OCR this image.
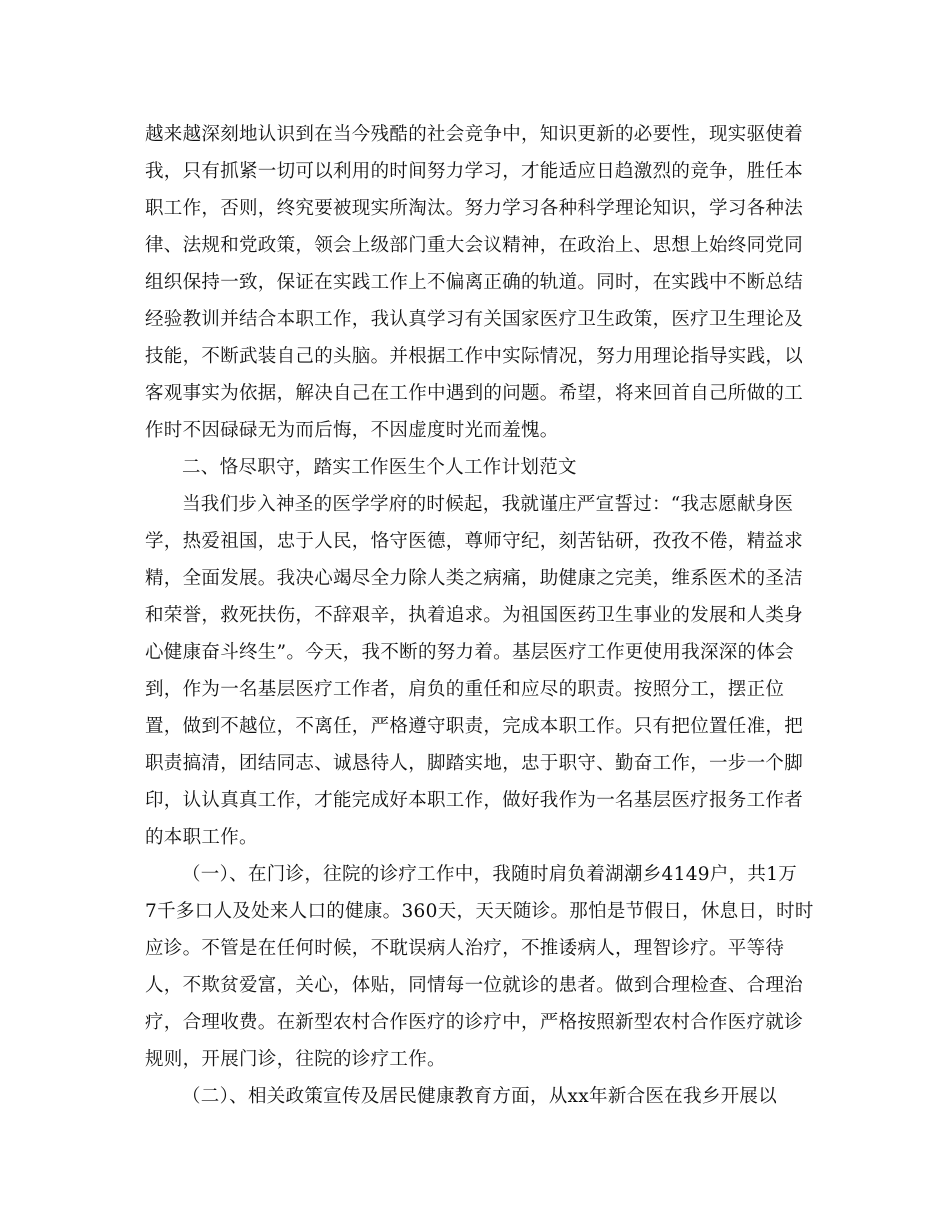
越来越深刻地认识到在当今残酷的社会竞争中，知识更新的必要性，现实驱使着
我，只有抓紧一切可以利用的时间努力学习，才能适应日趋激烈的竞争，胜任本
职工作，否则，终究要被现实所淘汰。努力学习各种科学理论知识，学习各种法
律、法规和党政策，领会上级部门重大会议精神，在政治上、思想上始终同党同
组织保持一致，保证在实践工作上不偏离正确的轨道。同时，在实践中不断总结
经验教训并结合本职工作，我认真学习有关国家医疗卫生政策，医疗卫生理论及
技能，不断武装自己的头脑。并根据工作中实际情况，努力用理论指导实践，以
客观事实为依据，解决自己在工作中遇到的问题。希望，将来回首自己所做的工
作时不因碌碌无为而后悔，不因虚度时光而羞愧。
二、恪尽职守，踏实工作医生个人工作计划范文
当我们步入神圣的医学学府的时候起，我就谨庄严宣誓过：“我志愿献身医
学，热爱祖国，忠于人民，恪守医德，尊师守纪，刻苦钻研，孜孜不倦，精益求
精，全面发展。我决心竭尽全力除人类之病痛，助健康之完美，维系医术的圣洁
和荣誉，救死扶伤，不辞艰辛，执着追求。为祖国医药卫生事业的发展和人类身
心健康奋斗终生”。今天，我不断的努力着。基层医疗工作更使用我深深的体会
到，作为一名基层医疗工作者，肩负的重任和应尽的职责。按照分工，摆正位
置，做到不越位，不离任，严格遵守职责，完成本职工作。只有把位置任准，把
职责搞清，团结同志、诚恳待人，脚踏实地，忠于职守、勤奋工作，一步一个脚
印，认认真真工作，才能完成好本职工作，做好我作为一名基层医疗报务工作者
的本职工作。
（一）、在门诊，往院的诊疗工作中，我随时肩负着湖潮乡4149户，共1万
7千多口人及处来人口的健康。360天，天天随诊。那怕是节假日，休息日，时时
应诊。不管是在任何时候，不耽误病人治疗，不推诿病人，理智诊疗。平等待
人，不欺贫爱富，关心，体贴，同情每一位就诊的患者。做到合理检查、合理治
疗，合理收费。在新型农村合作医疗的诊疗中，严格按照新型农村合作医疗就诊
规则，开展门诊，往院的诊疗工作。
（二）、相关政策宣传及居民健康教育方面，从xx年新合医在我乡开展以
